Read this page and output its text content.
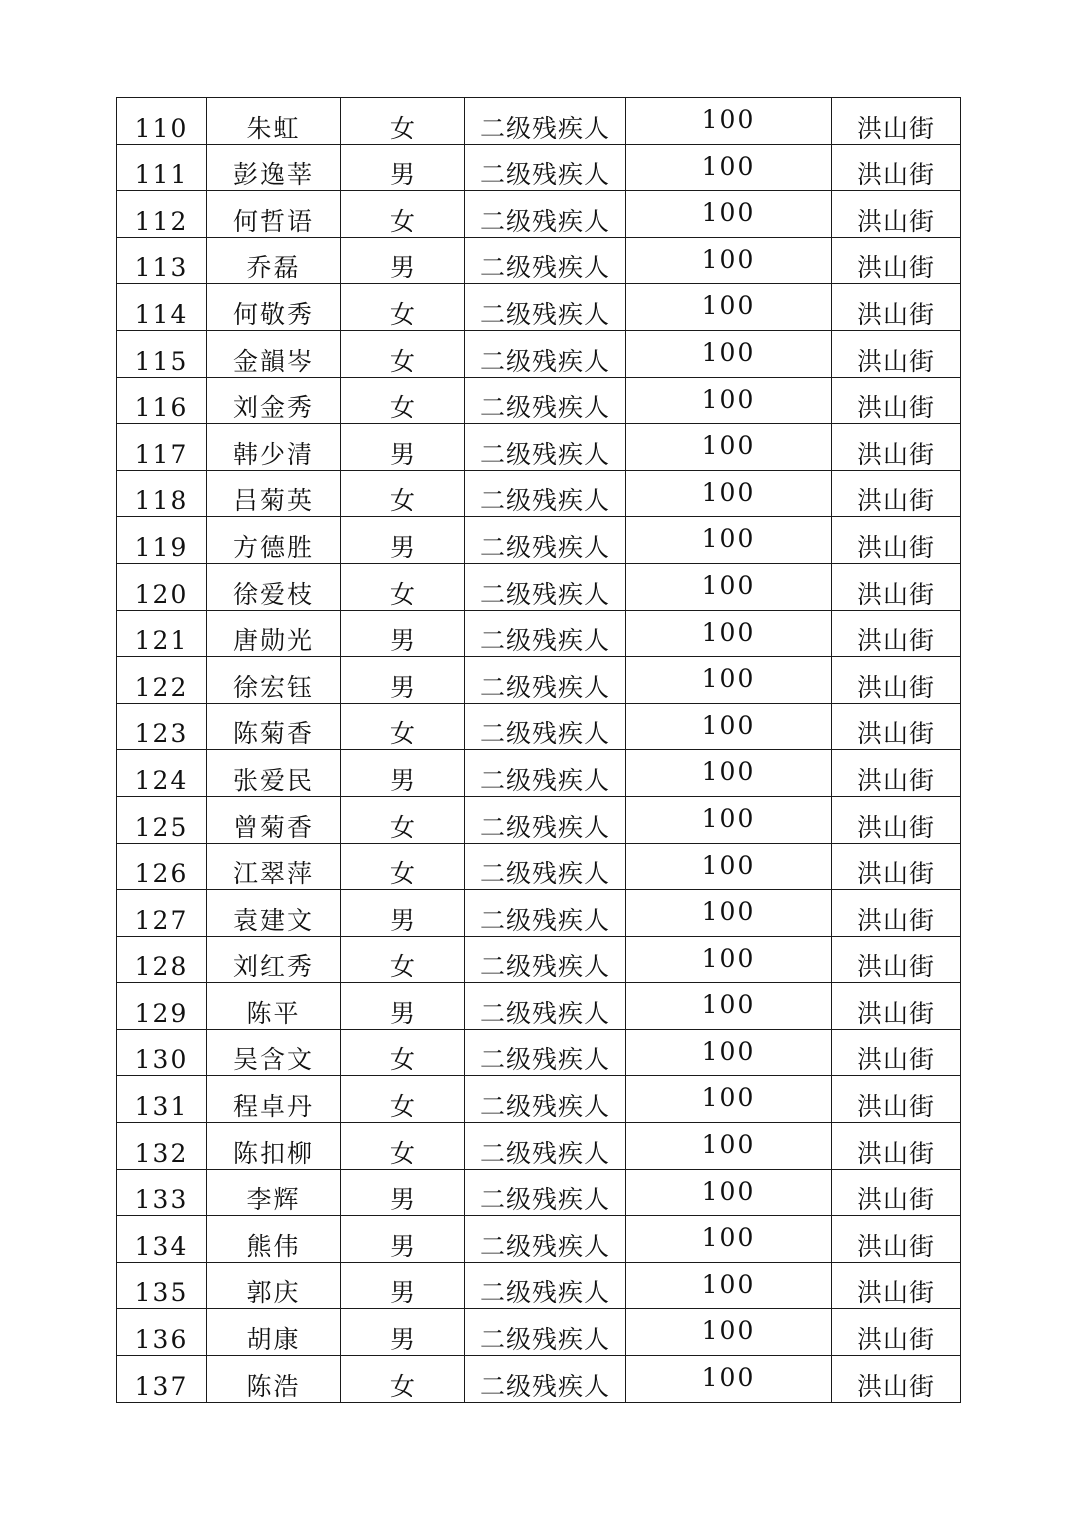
110	朱虹	女	二级残疾人	100	洪山街
111	彭逸莘	男	二级残疾人	100	洪山街
112	何哲语	女	二级残疾人	100	洪山街
113	乔磊	男	二级残疾人	100	洪山街
114	何敬秀	女	二级残疾人	100	洪山街
115	金韻岑	女	二级残疾人	100	洪山街
116	刘金秀	女	二级残疾人	100	洪山街
117	韩少清	男	二级残疾人	100	洪山街
118	吕菊英	女	二级残疾人	100	洪山街
119	方德胜	男	二级残疾人	100	洪山街
120	徐爱枝	女	二级残疾人	100	洪山街
121	唐勋光	男	二级残疾人	100	洪山街
122	徐宏钰	男	二级残疾人	100	洪山街
123	陈菊香	女	二级残疾人	100	洪山街
124	张爱民	男	二级残疾人	100	洪山街
125	曾菊香	女	二级残疾人	100	洪山街
126	江翠萍	女	二级残疾人	100	洪山街
127	袁建文	男	二级残疾人	100	洪山街
128	刘红秀	女	二级残疾人	100	洪山街
129	陈平	男	二级残疾人	100	洪山街
130	吴含文	女	二级残疾人	100	洪山街
131	程卓丹	女	二级残疾人	100	洪山街
132	陈扣柳	女	二级残疾人	100	洪山街
133	李辉	男	二级残疾人	100	洪山街
134	熊伟	男	二级残疾人	100	洪山街
135	郭庆	男	二级残疾人	100	洪山街
136	胡康	男	二级残疾人	100	洪山街
137	陈浩	女	二级残疾人	100	洪山街
